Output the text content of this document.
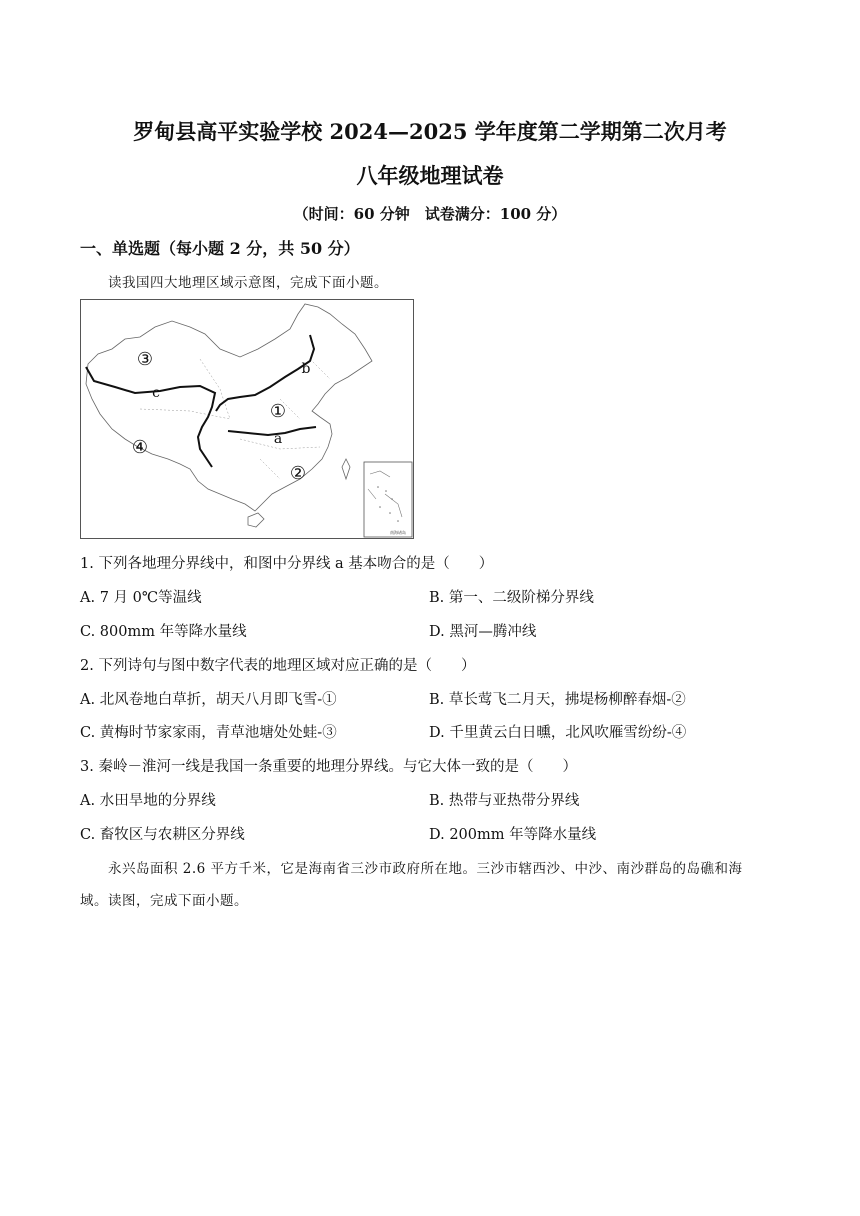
罗甸县高平实验学校 2024—2025 学年度第二学期第二次月考
八年级地理试卷
（时间：60 分钟　试卷满分：100 分）
一、单选题（每小题 2 分，共 50 分）
读我国四大地理区域示意图，完成下面小题。
南海诸岛
③
①
④
②
b
c
a
1. 下列各地理分界线中，和图中分界线 a 基本吻合的是（　　）
A. 7 月 0℃等温线	B. 第一、二级阶梯分界线
C. 800mm 年等降水量线	D. 黑河—腾冲线
2. 下列诗句与图中数字代表的地理区域对应正确的是（　　）
A. 北风卷地白草折，胡天八月即飞雪-①	B. 草长莺飞二月天，拂堤杨柳醉春烟-②
C. 黄梅时节家家雨，青草池塘处处蛙-③	D. 千里黄云白日曛，北风吹雁雪纷纷-④
3. 秦岭－淮河一线是我国一条重要的地理分界线。与它大体一致的是（　　）
A. 水田旱地的分界线	B. 热带与亚热带分界线
C. 畜牧区与农耕区分界线	D. 200mm 年等降水量线
永兴岛面积 2.6 平方千米，它是海南省三沙市政府所在地。三沙市辖西沙、中沙、南沙群岛的岛礁和海
域。读图，完成下面小题。
